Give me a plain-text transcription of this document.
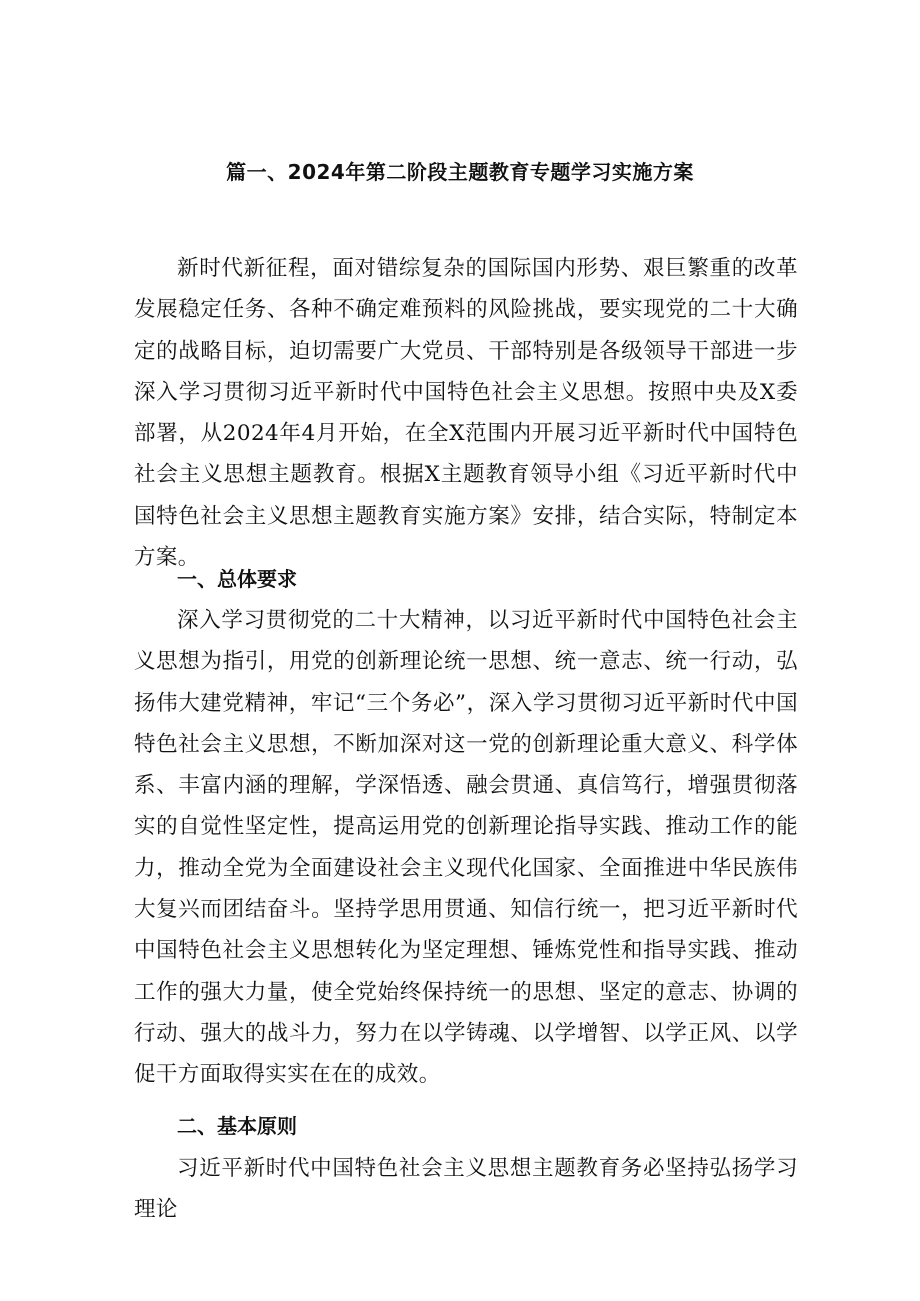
篇一、2024年第二阶段主题教育专题学习实施方案

新时代新征程，面对错综复杂的国际国内形势、艰巨繁重的改革发展稳定任务、各种不确定难预料的风险挑战，要实现党的二十大确定的战略目标，迫切需要广大党员、干部特别是各级领导干部进一步深入学习贯彻习近平新时代中国特色社会主义思想。按照中央及X委部署，从2024年4月开始，在全X范围内开展习近平新时代中国特色社会主义思想主题教育。根据X主题教育领导小组《习近平新时代中国特色社会主义思想主题教育实施方案》安排，结合实际，特制定本方案。

一、总体要求

深入学习贯彻党的二十大精神，以习近平新时代中国特色社会主义思想为指引，用党的创新理论统一思想、统一意志、统一行动，弘扬伟大建党精神，牢记“三个务必”，深入学习贯彻习近平新时代中国特色社会主义思想，不断加深对这一党的创新理论重大意义、科学体系、丰富内涵的理解，学深悟透、融会贯通、真信笃行，增强贯彻落实的自觉性坚定性，提高运用党的创新理论指导实践、推动工作的能力，推动全党为全面建设社会主义现代化国家、全面推进中华民族伟大复兴而团结奋斗。坚持学思用贯通、知信行统一，把习近平新时代中国特色社会主义思想转化为坚定理想、锤炼党性和指导实践、推动工作的强大力量，使全党始终保持统一的思想、坚定的意志、协调的行动、强大的战斗力，努力在以学铸魂、以学增智、以学正风、以学促干方面取得实实在在的成效。

二、基本原则

习近平新时代中国特色社会主义思想主题教育务必坚持弘扬学习理论
